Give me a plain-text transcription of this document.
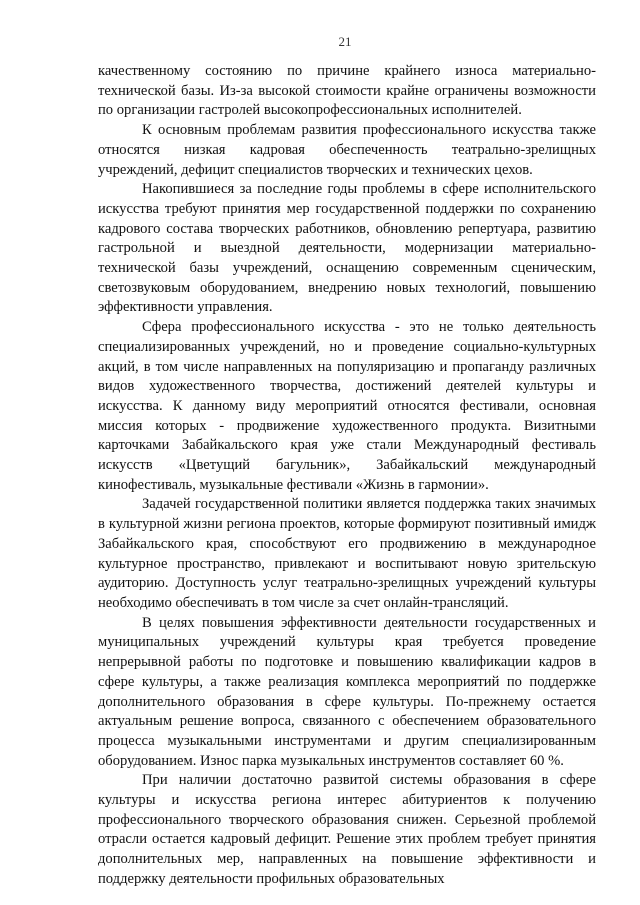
21

качественному состоянию по причине крайнего износа материально-технической базы. Из-за высокой стоимости крайне ограничены возможности по организации гастролей высокопрофессиональных исполнителей.

К основным проблемам развития профессионального искусства также относятся низкая кадровая обеспеченность театрально-зрелищных учреждений, дефицит специалистов творческих и технических цехов.

Накопившиеся за последние годы проблемы в сфере исполнительского искусства требуют принятия мер государственной поддержки по сохранению кадрового состава творческих работников, обновлению репертуара, развитию гастрольной и выездной деятельности, модернизации материально-технической базы учреждений, оснащению современным сценическим, светозвуковым оборудованием, внедрению новых технологий, повышению эффективности управления.

Сфера профессионального искусства - это не только деятельность специализированных учреждений, но и проведение социально-культурных акций, в том числе направленных на популяризацию и пропаганду различных видов художественного творчества, достижений деятелей культуры и искусства. К данному виду мероприятий относятся фестивали, основная миссия которых - продвижение художественного продукта. Визитными карточками Забайкальского края уже стали Международный фестиваль искусств «Цветущий багульник», Забайкальский международный кинофестиваль, музыкальные фестивали «Жизнь в гармонии».

Задачей государственной политики является поддержка таких значимых в культурной жизни региона проектов, которые формируют позитивный имидж Забайкальского края, способствуют его продвижению в международное культурное пространство, привлекают и воспитывают новую зрительскую аудиторию. Доступность услуг театрально-зрелищных учреждений культуры необходимо обеспечивать в том числе за счет онлайн-трансляций.

В целях повышения эффективности деятельности государственных и муниципальных учреждений культуры края требуется проведение непрерывной работы по подготовке и повышению квалификации кадров в сфере культуры, а также реализация комплекса мероприятий по поддержке дополнительного образования в сфере культуры. По-прежнему остается актуальным решение вопроса, связанного с обеспечением образовательного процесса музыкальными инструментами и другим специализированным оборудованием. Износ парка музыкальных инструментов составляет 60 %.

При наличии достаточно развитой системы образования в сфере культуры и искусства региона интерес абитуриентов к получению профессионального творческого образования снижен. Серьезной проблемой отрасли остается кадровый дефицит. Решение этих проблем требует принятия дополнительных мер, направленных на повышение эффективности и поддержку деятельности профильных образовательных
